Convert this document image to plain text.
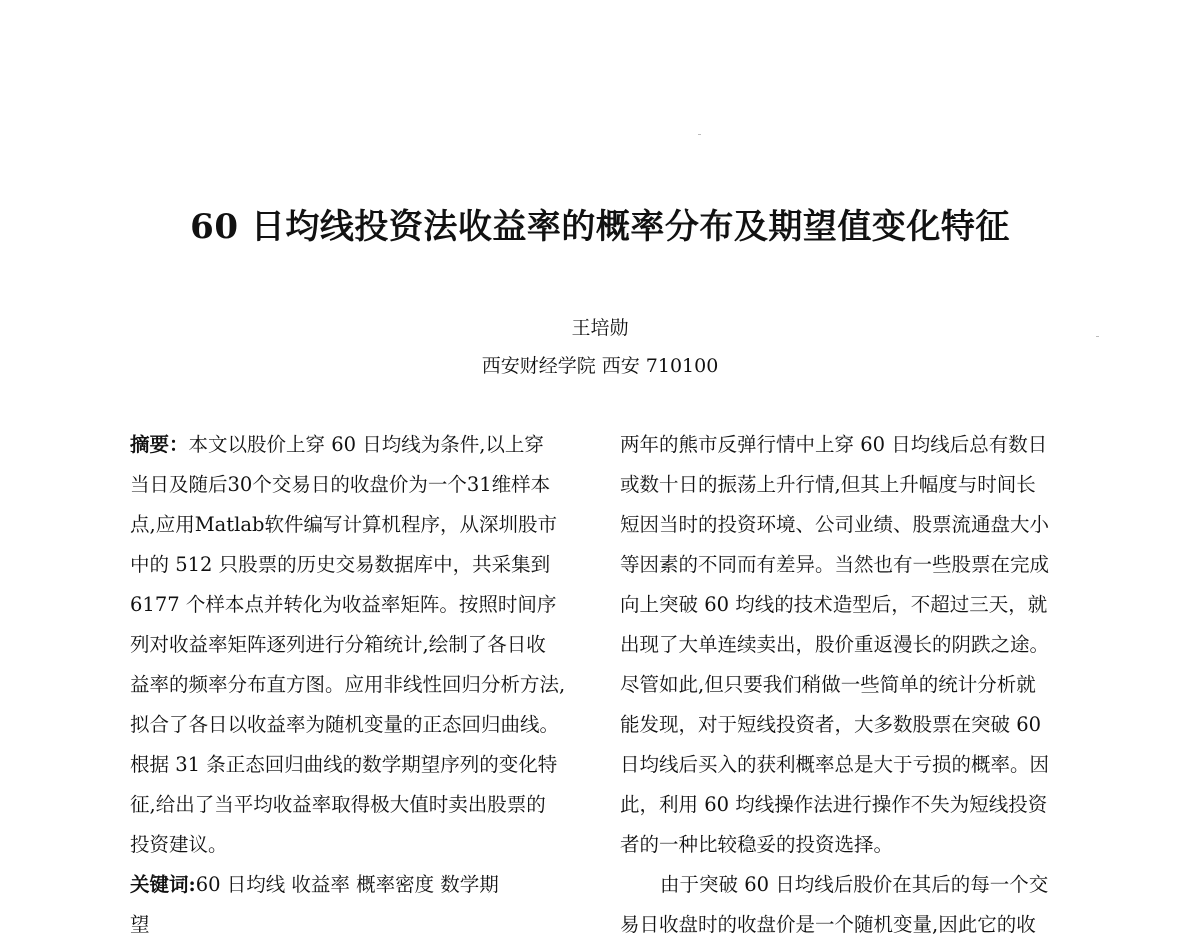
60 日均线投资法收益率的概率分布及期望值变化特征
王培勋
西安财经学院 西安 710100
摘要：本文以股价上穿 60 日均线为条件,以上穿
当日及随后30个交易日的收盘价为一个31维样本
点,应用Matlab软件编写计算机程序，从深圳股市
中的 512 只股票的历史交易数据库中，共采集到
6177 个样本点并转化为收益率矩阵。按照时间序
列对收益率矩阵逐列进行分箱统计,绘制了各日收
益率的频率分布直方图。应用非线性回归分析方法,
拟合了各日以收益率为随机变量的正态回归曲线。
根据 31 条正态回归曲线的数学期望序列的变化特
征,给出了当平均收益率取得极大值时卖出股票的
投资建议。
关键词:60 日均线 收益率 概率密度 数学期
望
两年的熊市反弹行情中上穿 60 日均线后总有数日
或数十日的振荡上升行情,但其上升幅度与时间长
短因当时的投资环境、公司业绩、股票流通盘大小
等因素的不同而有差异。当然也有一些股票在完成
向上突破 60 均线的技术造型后，不超过三天，就
出现了大单连续卖出，股价重返漫长的阴跌之途。
尽管如此,但只要我们稍做一些简单的统计分析就
能发现，对于短线投资者，大多数股票在突破 60
日均线后买入的获利概率总是大于亏损的概率。因
此，利用 60 均线操作法进行操作不失为短线投资
者的一种比较稳妥的投资选择。
由于突破 60 日均线后股价在其后的每一个交
易日收盘时的收盘价是一个随机变量,因此它的收
